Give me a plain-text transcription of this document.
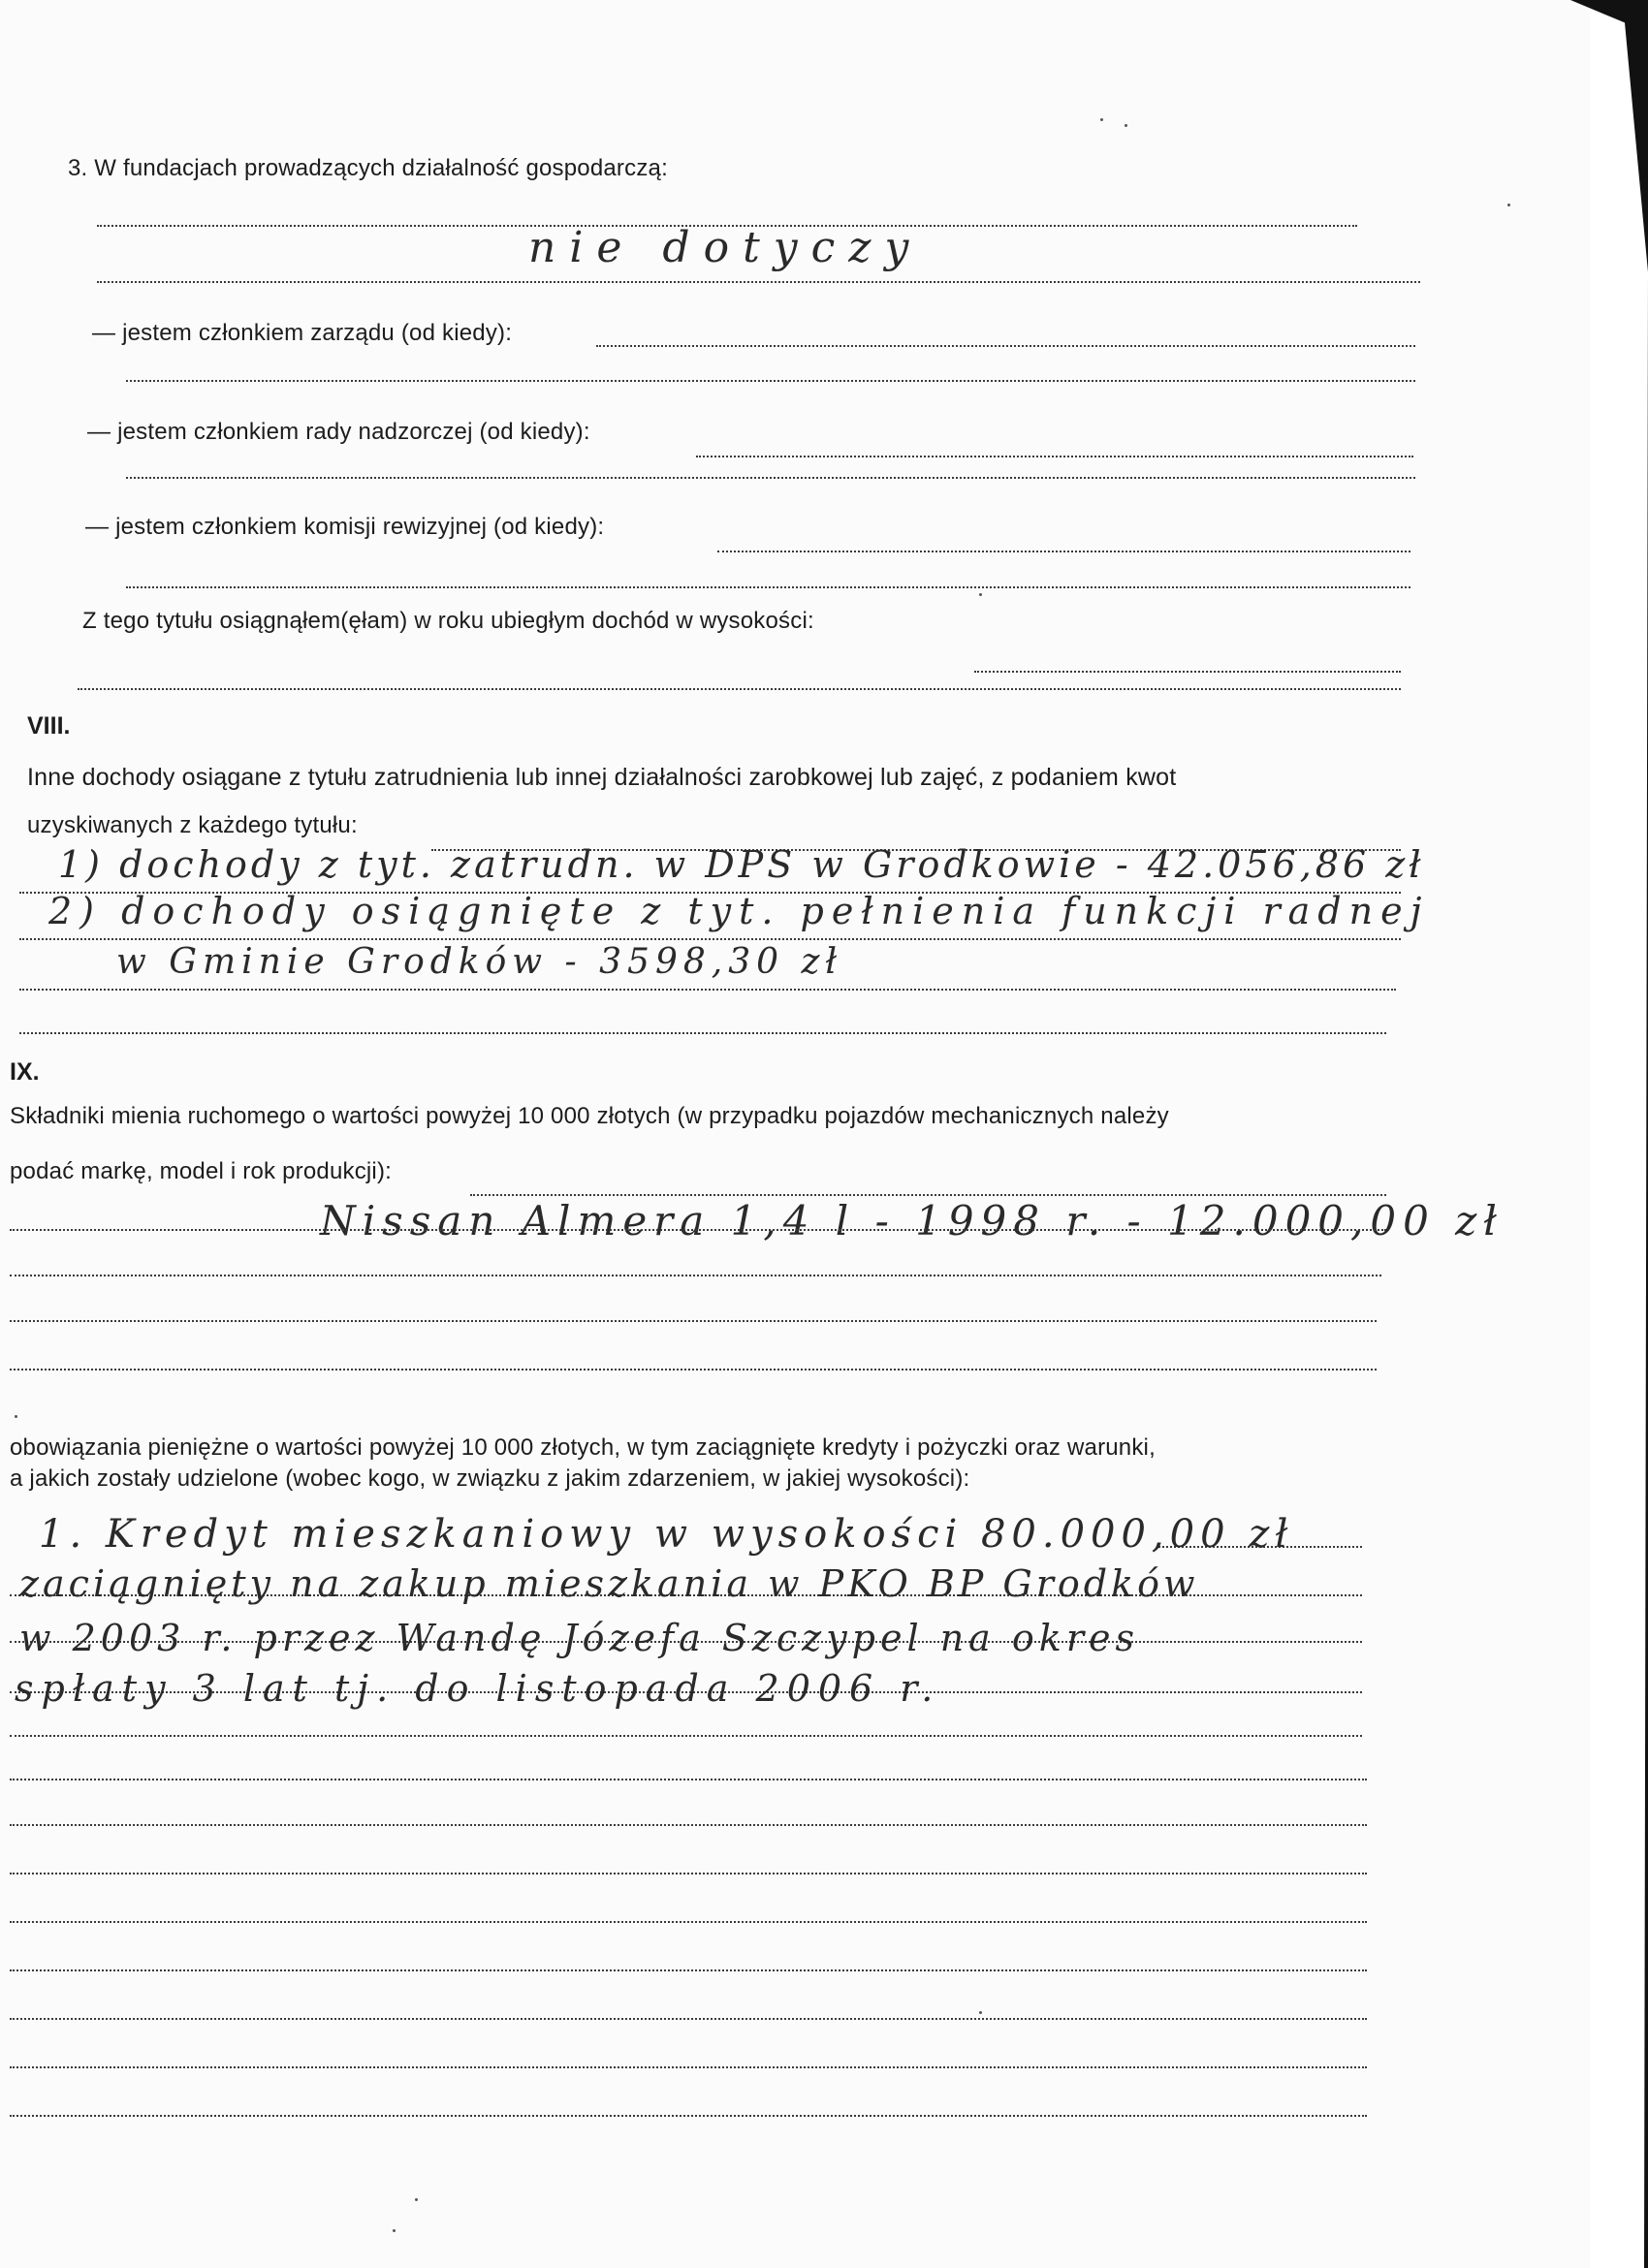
3. W fundacjach prowadzących działalność gospodarczą:
nie dotyczy
— jestem członkiem zarządu (od kiedy):
— jestem członkiem rady nadzorczej (od kiedy):
— jestem członkiem komisji rewizyjnej (od kiedy):
Z tego tytułu osiągnąłem(ęłam) w roku ubiegłym dochód w wysokości:
VIII.
Inne dochody osiągane z tytułu zatrudnienia lub innej działalności zarobkowej lub zajęć, z podaniem kwot
uzyskiwanych z każdego tytułu:
1) dochody z tyt. zatrudn. w DPS w Grodkowie - 42.056,86 zł
2) dochody osiągnięte z tyt. pełnienia funkcji radnej
w Gminie Grodków - 3598,30 zł
IX.
Składniki mienia ruchomego o wartości powyżej 10 000 złotych (w przypadku pojazdów mechanicznych należy
podać markę, model i rok produkcji):
Nissan Almera 1,4 l - 1998 r. - 12.000,00 zł
obowiązania pieniężne o wartości powyżej 10 000 złotych, w tym zaciągnięte kredyty i pożyczki oraz warunki,
a jakich zostały udzielone (wobec kogo, w związku z jakim zdarzeniem, w jakiej wysokości):
1. Kredyt mieszkaniowy w wysokości 80.000,00 zł
zaciągnięty na zakup mieszkania w PKO BP Grodków
w 2003 r. przez Wandę Józefa Szczypel na okres
spłaty 3 lat tj. do listopada 2006 r.
